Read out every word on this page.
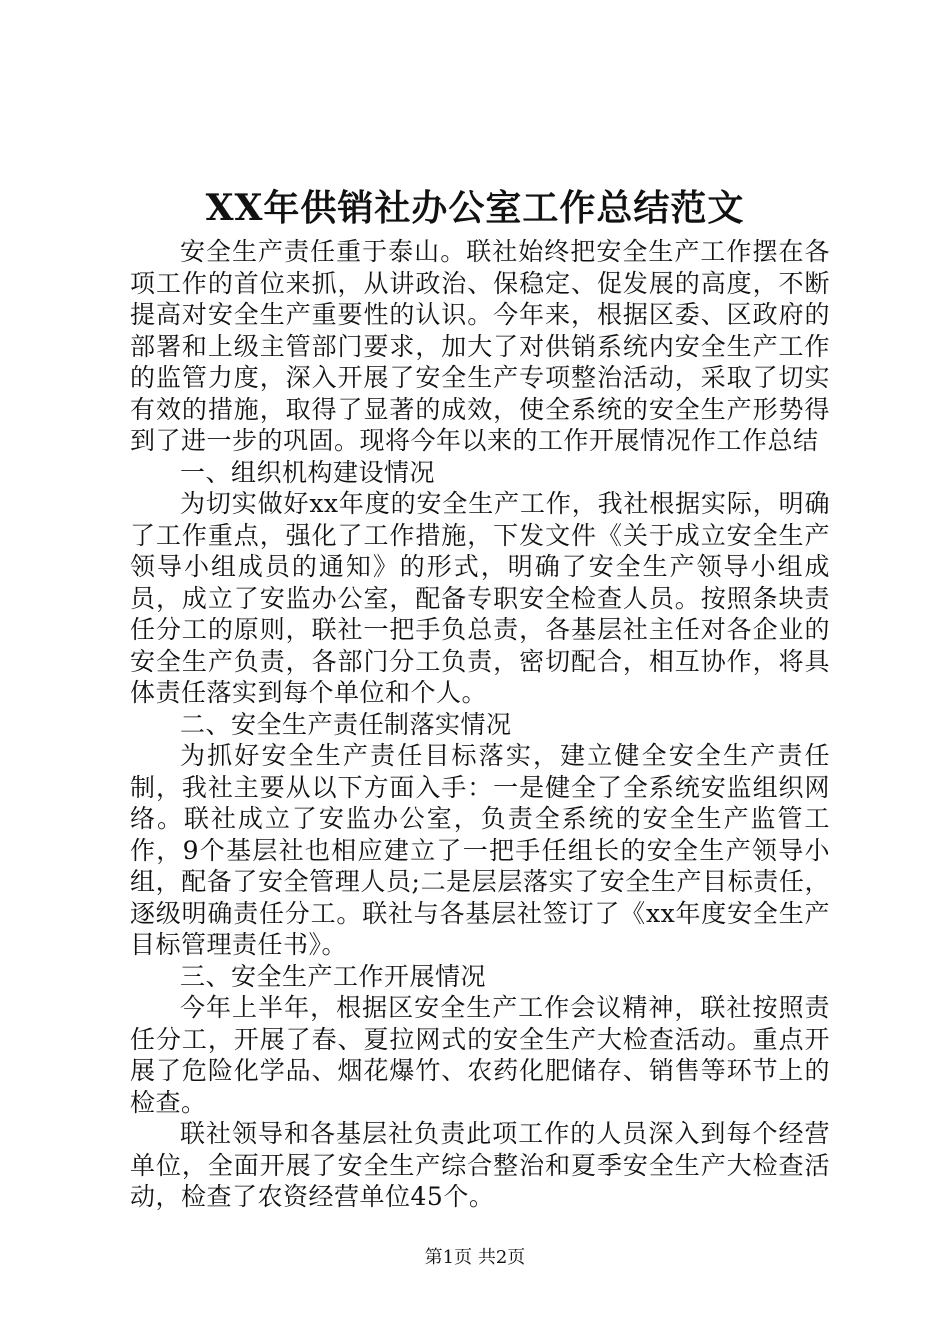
XX年供销社办公室工作总结范文

安全生产责任重于泰山。联社始终把安全生产工作摆在各项工作的首位来抓，从讲政治、保稳定、促发展的高度，不断提高对安全生产重要性的认识。今年来，根据区委、区政府的部署和上级主管部门要求，加大了对供销系统内安全生产工作的监管力度，深入开展了安全生产专项整治活动，采取了切实有效的措施，取得了显著的成效，使全系统的安全生产形势得到了进一步的巩固。现将今年以来的工作开展情况作工作总结

一、组织机构建设情况

为切实做好xx年度的安全生产工作，我社根据实际，明确了工作重点，强化了工作措施，下发文件《关于成立安全生产领导小组成员的通知》的形式，明确了安全生产领导小组成员，成立了安监办公室，配备专职安全检查人员。按照条块责任分工的原则，联社一把手负总责，各基层社主任对各企业的安全生产负责，各部门分工负责，密切配合，相互协作，将具体责任落实到每个单位和个人。

二、安全生产责任制落实情况

为抓好安全生产责任目标落实，建立健全安全生产责任制，我社主要从以下方面入手：一是健全了全系统安监组织网络。联社成立了安监办公室，负责全系统的安全生产监管工作，9个基层社也相应建立了一把手任组长的安全生产领导小组，配备了安全管理人员;二是层层落实了安全生产目标责任，逐级明确责任分工。联社与各基层社签订了《xx年度安全生产目标管理责任书》。

三、安全生产工作开展情况

今年上半年，根据区安全生产工作会议精神，联社按照责任分工，开展了春、夏拉网式的安全生产大检查活动。重点开展了危险化学品、烟花爆竹、农药化肥储存、销售等环节上的检查。

联社领导和各基层社负责此项工作的人员深入到每个经营单位，全面开展了安全生产综合整治和夏季安全生产大检查活动，检查了农资经营单位45个。

第1页 共2页
